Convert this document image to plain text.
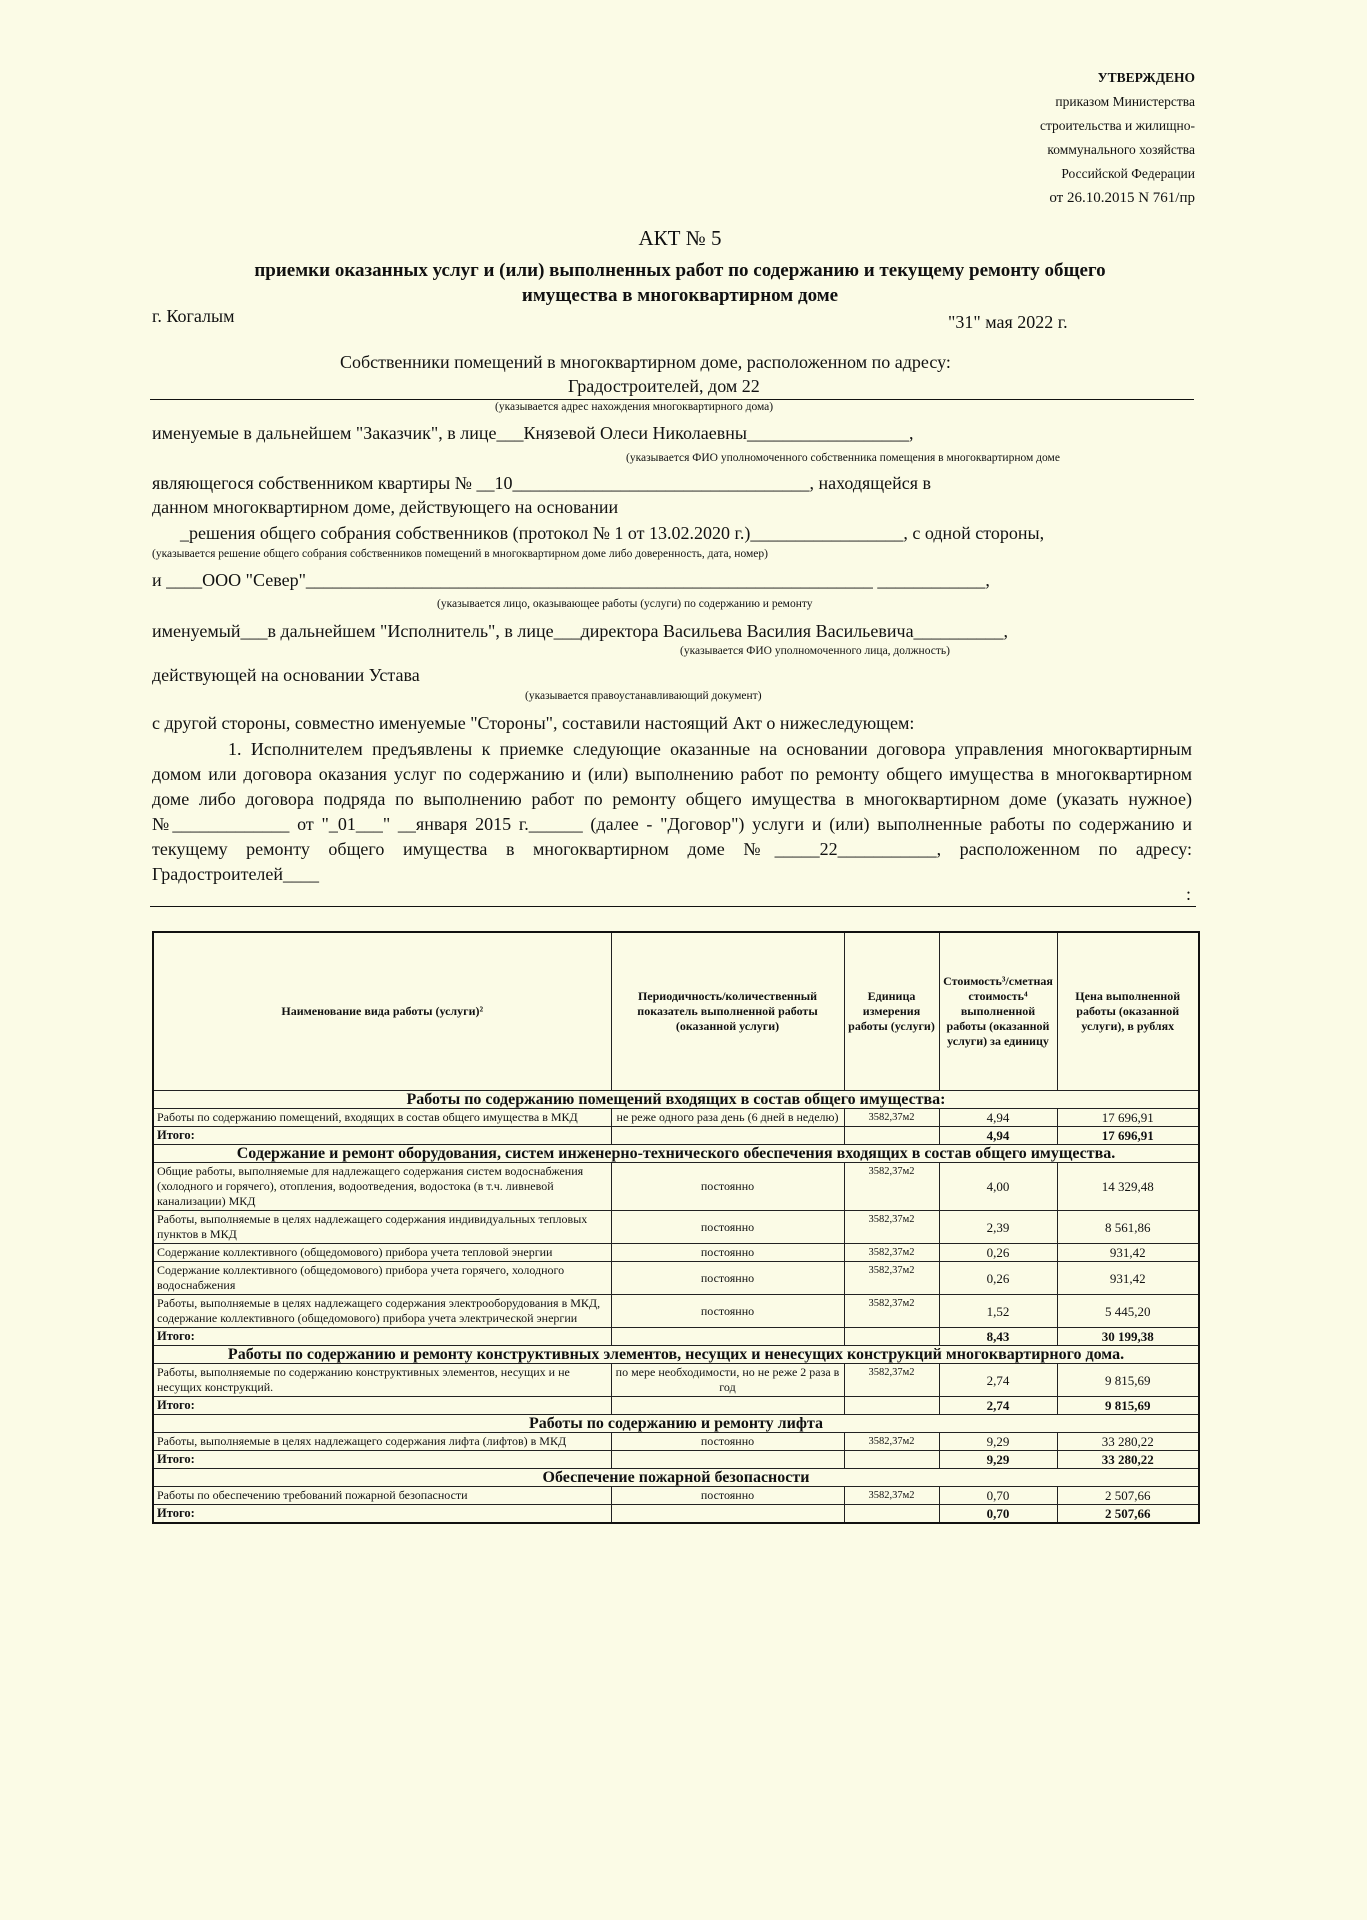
УТВЕРЖДЕНО
приказом Министерства
строительства и жилищно-
коммунального хозяйства
Российской Федерации
от 26.10.2015 N 761/пр
АКТ № 5
приемки оказанных услуг и (или) выполненных работ по содержанию и текущему ремонту общего
имущества в многоквартирном доме
г. Когалым	"31" мая 2022 г.
Собственники помещений в многоквартирном доме, расположенном по адресу:
Градостроителей, дом 22
(указывается адрес нахождения многоквартирного дома)
именуемые в дальнейшем "Заказчик", в лице___Князевой Олеси Николаевны__________________,
(указывается ФИО уполномоченного собственника помещения в многоквартирном доме
являющегося собственником квартиры № __10_________________________________, находящейся в
данном многоквартирном доме, действующего на основании
_решения общего собрания собственников (протокол № 1 от 13.02.2020 г.)_________________, с одной стороны,
(указывается решение общего собрания собственников помещений в многоквартирном доме либо доверенность, дата, номер)
и ____ООО "Север"_______________________________________________________________ ____________,
(указывается лицо, оказывающее работы (услуги) по содержанию и ремонту
именуемый___в дальнейшем "Исполнитель", в лице___директора Васильева Василия Васильевича__________,
(указывается ФИО уполномоченного лица, должность)
действующей на основании Устава
(указывается правоустанавливающий документ)
с другой стороны, совместно именуемые "Стороны", составили настоящий Акт о нижеследующем:
1. Исполнителем предъявлены к приемке следующие оказанные на основании договора управления многоквартирным домом или договора оказания услуг по содержанию и (или) выполнению работ по ремонту общего имущества в многоквартирном доме либо договора подряда по выполнению работ по ремонту общего имущества в многоквартирном доме (указать нужное) №_____________ от "_01___" __января 2015 г.______ (далее - "Договор") услуги и (или) выполненные работы по содержанию и текущему ремонту общего имущества в многоквартирном доме №_____22___________, расположенном по адресу: Градостроителей____
:
Наименование вида работы (услуги)²	Периодичность/количественный показатель выполненной работы (оказанной услуги)	Единица измерения работы (услуги)	Стоимость³/сметная стоимость⁴ выполненной работы (оказанной услуги) за единицу	Цена выполненной работы (оказанной услуги), в рублях
Работы по содержанию помещений входящих в состав общего имущества:				
Работы по содержанию помещений, входящих в состав общего имущества в МКД	не реже одного раза день (6 дней в неделю)	3582,37м2	4,94	17 696,91
Итого:			4,94	17 696,91
Содержание и ремонт оборудования, систем инженерно-технического обеспечения входящих в состав общего имущества.				
Общие работы, выполняемые для надлежащего содержания систем водоснабжения (холодного и горячего), отопления, водоотведения, водостока (в т.ч. ливневой канализации) МКД	постоянно	3582,37м2	4,00	14 329,48
Работы, выполняемые в целях надлежащего содержания индивидуальных тепловых пунктов в МКД	постоянно	3582,37м2	2,39	8 561,86
Содержание коллективного (общедомового) прибора учета тепловой энергии	постоянно	3582,37м2	0,26	931,42
Содержание коллективного (общедомового) прибора учета горячего, холодного водоснабжения	постоянно	3582,37м2	0,26	931,42
Работы, выполняемые в целях надлежащего содержания электрооборудования в МКД, содержание коллективного (общедомового) прибора учета электрической энергии	постоянно	3582,37м2	1,52	5 445,20
Итого:			8,43	30 199,38
Работы по содержанию и ремонту конструктивных элементов, несущих и ненесущих конструкций многоквартирного дома.				
Работы, выполняемые по содержанию конструктивных элементов, несущих и не несущих конструкций.	по мере необходимости, но не реже 2 раза в год	3582,37м2	2,74	9 815,69
Итого:			2,74	9 815,69
Работы по содержанию и ремонту лифта				
Работы, выполняемые в целях надлежащего содержания лифта (лифтов) в МКД	постоянно	3582,37м2	9,29	33 280,22
Итого:			9,29	33 280,22
Обеспечение пожарной безопасности				
Работы по обеспечению требований пожарной безопасности	постоянно	3582,37м2	0,70	2 507,66
Итого:			0,70	2 507,66
